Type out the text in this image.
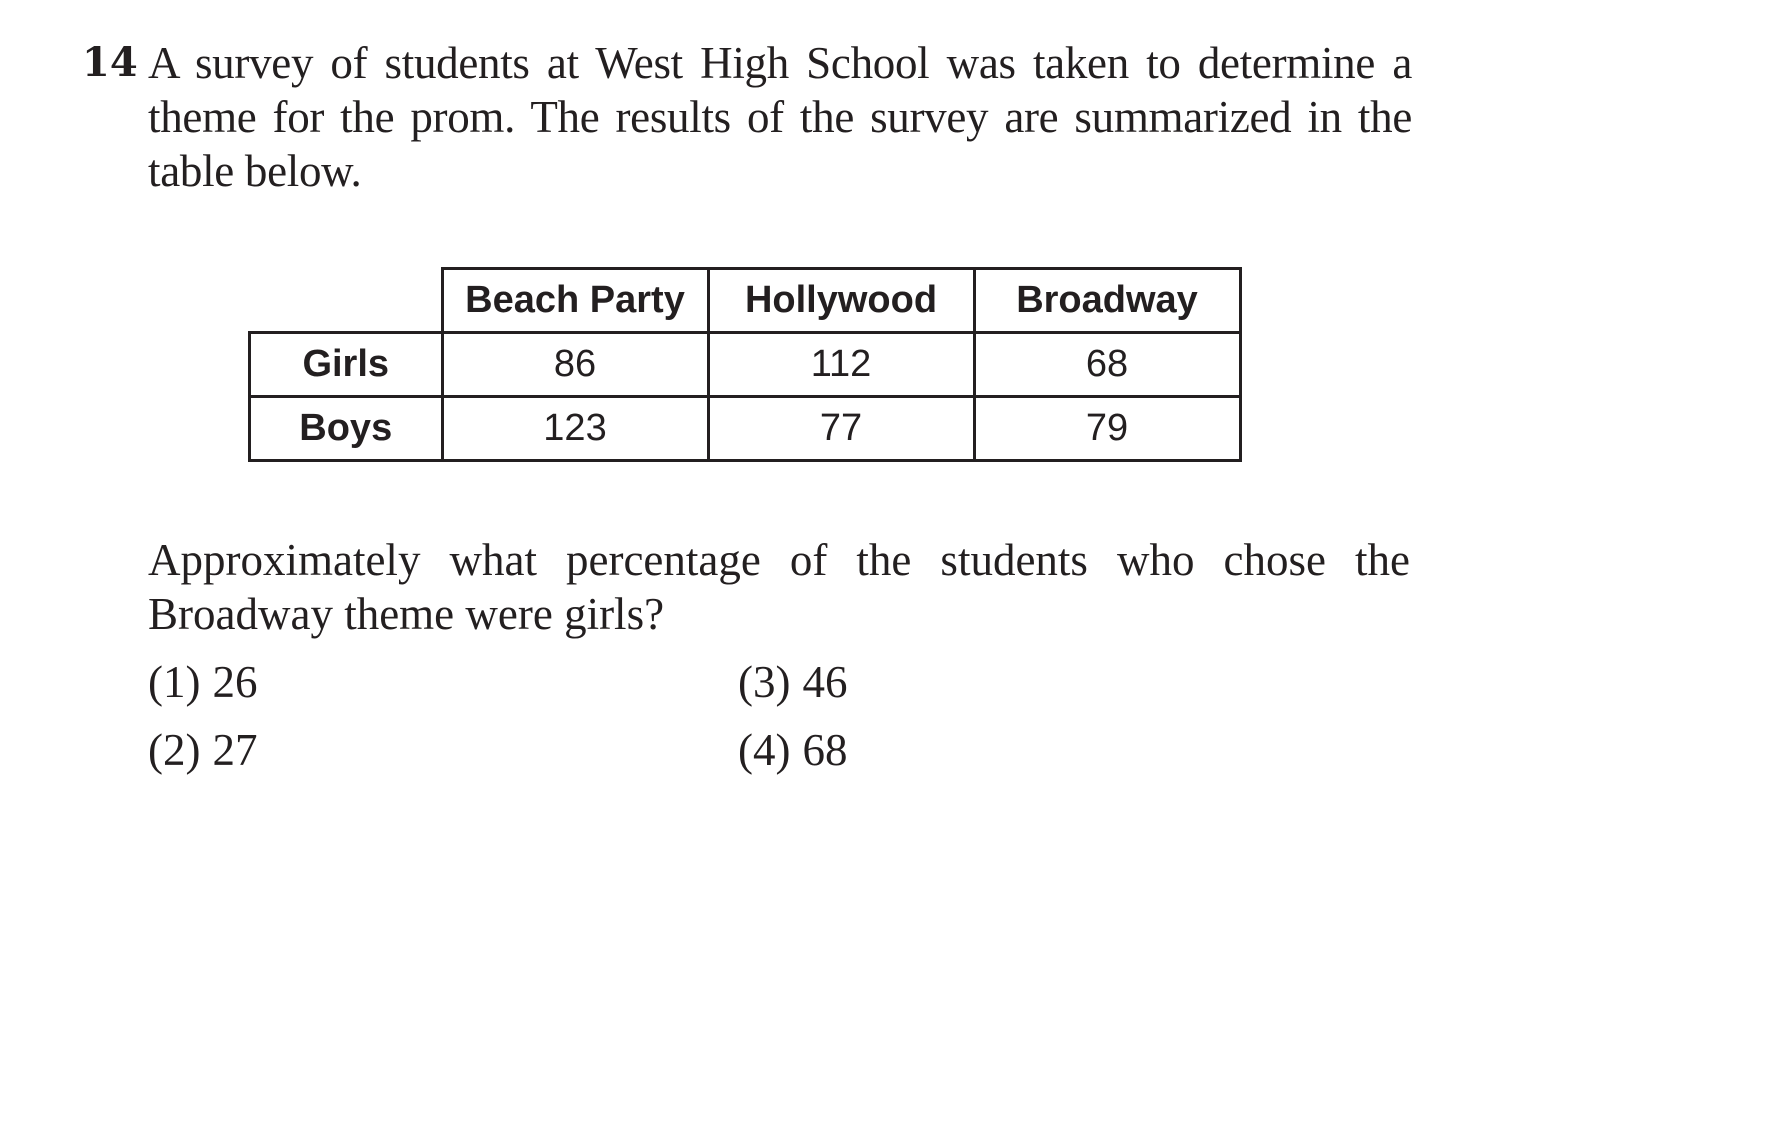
14 A survey of students at West High School was taken to determine a theme for the prom. The results of the survey are summarized in the table below.
	Beach Party	Hollywood	Broadway
Girls	86	112	68
Boys	123	77	79
Approximately what percentage of the students who chose the
Broadway theme were girls?
(1) 26
(2) 27
(3) 46
(4) 68
